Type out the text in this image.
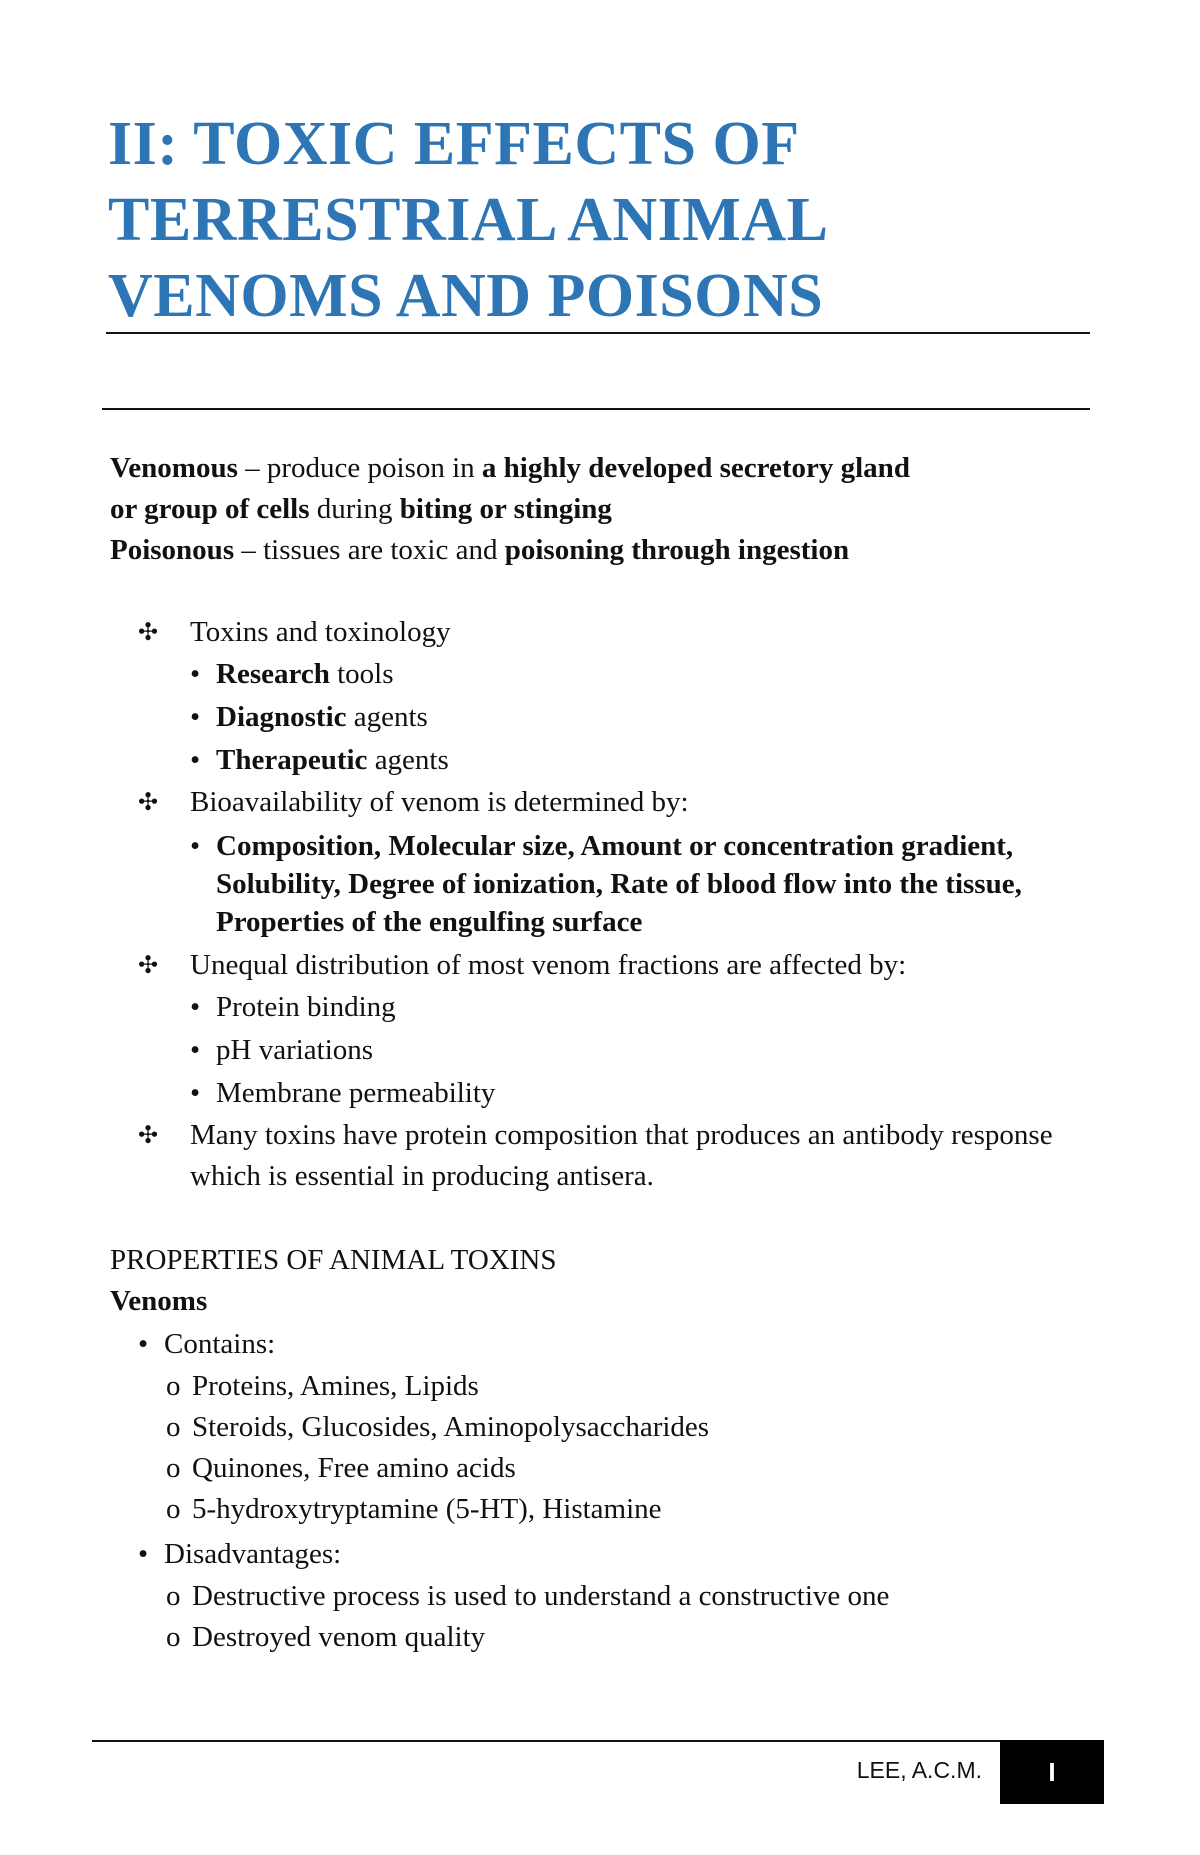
II: TOXIC EFFECTS OF
TERRESTRIAL ANIMAL
VENOMS AND POISONS

Venomous – produce poison in a highly developed secretory gland

or group of cells during biting or stinging

Poisonous – tissues are toxic and poisoning through ingestion

✣ Toxins and toxinology
• Research tools
• Diagnostic agents
• Therapeutic agents
✣ Bioavailability of venom is determined by:
• Composition, Molecular size, Amount or concentration gradient, Solubility, Degree of ionization, Rate of blood flow into the tissue, Properties of the engulfing surface
✣ Unequal distribution of most venom fractions are affected by:
• Protein binding
• pH variations
• Membrane permeability
✣ Many toxins have protein composition that produces an antibody response which is essential in producing antisera.
PROPERTIES OF ANIMAL TOXINS
Venoms
• Contains:
o Proteins, Amines, Lipids
o Steroids, Glucosides, Aminopolysaccharides
o Quinones, Free amino acids
o 5-hydroxytryptamine (5-HT), Histamine
• Disadvantages:
o Destructive process is used to understand a constructive one
o Destroyed venom quality
LEE, A.C.M.	I
